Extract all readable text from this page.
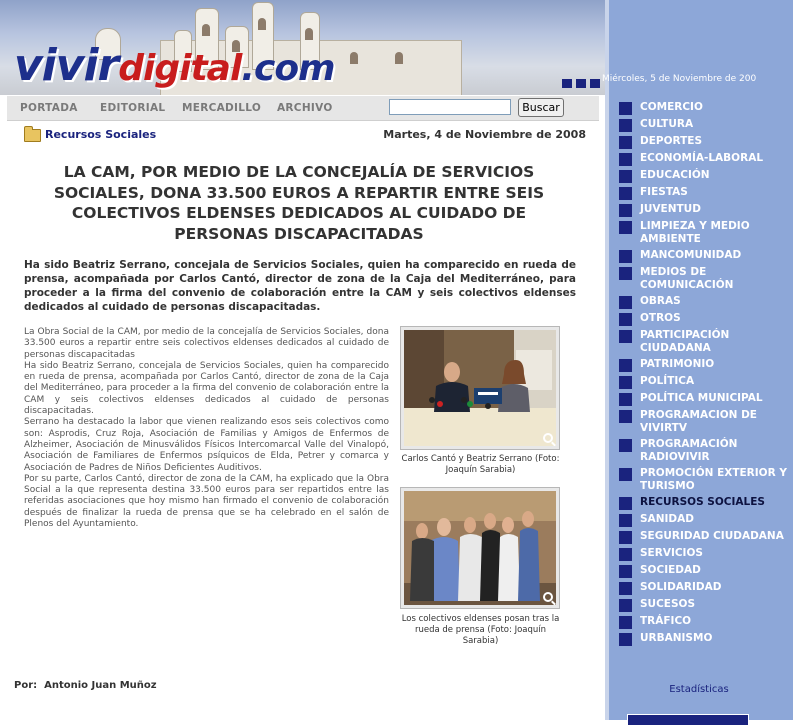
vivirdigital.com
PORTADA EDITORIAL MERCADILLO ARCHIVO	Buscar
Recursos Sociales	Martes, 4 de Noviembre de 2008
LA CAM, POR MEDIO DE LA CONCEJALÍA DE SERVICIOS SOCIALES, DONA 33.500 EUROS A REPARTIR ENTRE SEIS COLECTIVOS ELDENSES DEDICADOS AL CUIDADO DE PERSONAS DISCAPACITADAS

Ha sido Beatriz Serrano, concejala de Servicios Sociales, quien ha comparecido en rueda de prensa, acompañada por Carlos Cantó, director de zona de la Caja del Mediterráneo, para proceder a la firma del convenio de colaboración entre la CAM y seis colectivos eldenses dedicados al cuidado de personas discapacitadas.

La Obra Social de la CAM, por medio de la concejalía de Servicios Sociales, dona 33.500 euros a repartir entre seis colectivos eldenses dedicados al cuidado de personas discapacitadas

Ha sido Beatriz Serrano, concejala de Servicios Sociales, quien ha comparecido en rueda de prensa, acompañada por Carlos Cantó, director de zona de la Caja del Mediterráneo, para proceder a la firma del convenio de colaboración entre la CAM y seis colectivos eldenses dedicados al cuidado de personas discapacitadas.

Serrano ha destacado la labor que vienen realizando esos seis colectivos como son: Asprodis, Cruz Roja, Asociación de Familias y Amigos de Enfermos de Alzheimer, Asociación de Minusválidos Físicos Intercomarcal Valle del Vinalopó, Asociación de Familiares de Enfermos psíquicos de Elda, Petrer y comarca y Asociación de Padres de Niños Deficientes Auditivos.

Por su parte, Carlos Cantó, director de zona de la CAM, ha explicado que la Obra Social a la que representa destina 33.500 euros para ser repartidos entre las referidas asociaciones que hoy mismo han firmado el convenio de colaboración después de finalizar la rueda de prensa que se ha celebrado en el salón de Plenos del Ayuntamiento.

Carlos Cantó y Beatriz Serrano (Foto: Joaquín Sarabia)
Los colectivos eldenses posan tras la rueda de prensa (Foto: Joaquín Sarabia)
Por: Antonio Juan Muñoz
Miércoles, 5 de Noviembre de 200
COMERCIO
CULTURA
DEPORTES
ECONOMÍA-LABORAL
EDUCACIÓN
FIESTAS
JUVENTUD
LIMPIEZA Y MEDIO AMBIENTE
MANCOMUNIDAD
MEDIOS DE COMUNICACIÓN
OBRAS
OTROS
PARTICIPACIÓN CIUDADANA
PATRIMONIO
POLÍTICA
POLÍTICA MUNICIPAL
PROGRAMACION DE VIVIRTV
PROGRAMACIÓN RADIOVIVIR
PROMOCIÓN EXTERIOR Y TURISMO
RECURSOS SOCIALES
SANIDAD
SEGURIDAD CIUDADANA
SERVICIOS
SOCIEDAD
SOLIDARIDAD
SUCESOS
TRÁFICO
URBANISMO
Estadísticas
